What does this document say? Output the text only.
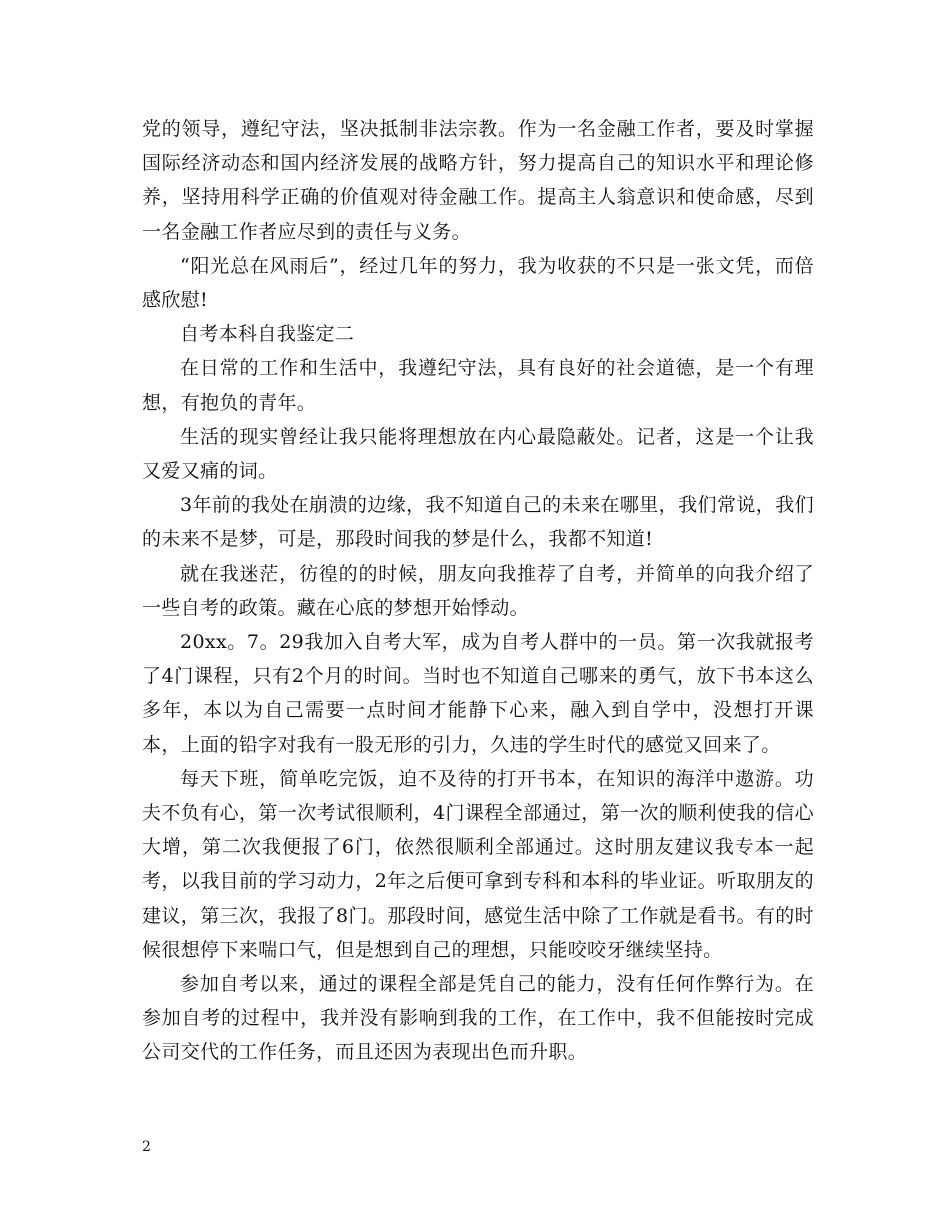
党的领导，遵纪守法，坚决抵制非法宗教。作为一名金融工作者，要及时掌握国际经济动态和国内经济发展的战略方针，努力提高自己的知识水平和理论修养，坚持用科学正确的价值观对待金融工作。提高主人翁意识和使命感，尽到一名金融工作者应尽到的责任与义务。

“阳光总在风雨后”，经过几年的努力，我为收获的不只是一张文凭，而倍感欣慰!

自考本科自我鉴定二

在日常的工作和生活中，我遵纪守法，具有良好的社会道德，是一个有理想，有抱负的青年。

生活的现实曾经让我只能将理想放在内心最隐蔽处。记者，这是一个让我又爱又痛的词。

3年前的我处在崩溃的边缘，我不知道自己的未来在哪里，我们常说，我们的未来不是梦，可是，那段时间我的梦是什么，我都不知道!

就在我迷茫，彷徨的的时候，朋友向我推荐了自考，并简单的向我介绍了一些自考的政策。藏在心底的梦想开始悸动。

20xx。7。29我加入自考大军，成为自考人群中的一员。第一次我就报考了4门课程，只有2个月的时间。当时也不知道自己哪来的勇气，放下书本这么多年，本以为自己需要一点时间才能静下心来，融入到自学中，没想打开课本，上面的铅字对我有一股无形的引力，久违的学生时代的感觉又回来了。

每天下班，简单吃完饭，迫不及待的打开书本，在知识的海洋中遨游。功夫不负有心，第一次考试很顺利，4门课程全部通过，第一次的顺利使我的信心大增，第二次我便报了6门，依然很顺利全部通过。这时朋友建议我专本一起考，以我目前的学习动力，2年之后便可拿到专科和本科的毕业证。听取朋友的建议，第三次，我报了8门。那段时间，感觉生活中除了工作就是看书。有的时候很想停下来喘口气，但是想到自己的理想，只能咬咬牙继续坚持。

参加自考以来，通过的课程全部是凭自己的能力，没有任何作弊行为。在参加自考的过程中，我并没有影响到我的工作，在工作中，我不但能按时完成公司交代的工作任务，而且还因为表现出色而升职。

2
